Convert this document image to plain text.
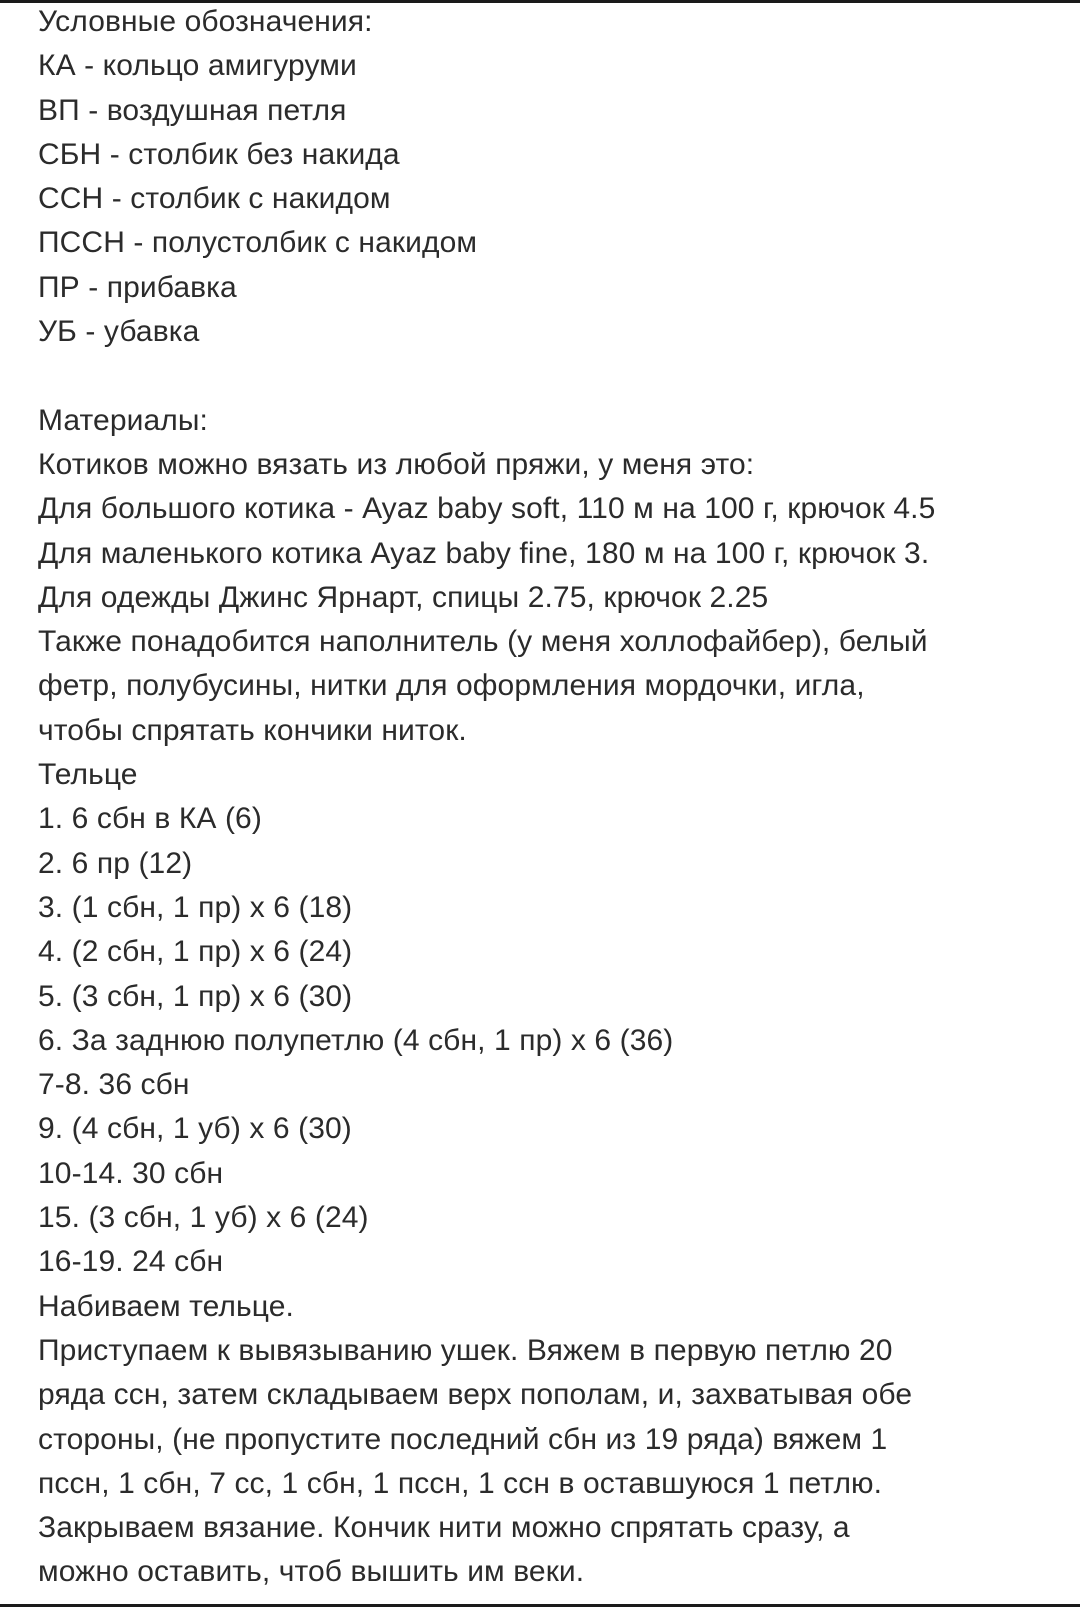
Условные обозначения:
КА - кольцо амигуруми
ВП - воздушная петля
СБН - столбик без накида
ССН - столбик с накидом
ПССН - полустолбик с накидом
ПР - прибавка
УБ - убавка
Материалы:
Котиков можно вязать из любой пряжи, у меня это:
Для большого котика - Ayaz baby soft, 110 м на 100 г, крючок 4.5
Для маленького котика Ayaz baby fine, 180 м на 100 г, крючок 3.
Для одежды Джинс Ярнарт, спицы 2.75, крючок 2.25
Также понадобится наполнитель (у меня холлофайбер), белый
фетр, полубусины, нитки для оформления мордочки, игла,
чтобы спрятать кончики ниток.
Тельце
1. 6 сбн в КА (6)
2. 6 пр (12)
3. (1 сбн, 1 пр) х 6 (18)
4. (2 сбн, 1 пр) х 6 (24)
5. (3 сбн, 1 пр) х 6 (30)
6. За заднюю полупетлю (4 сбн, 1 пр) х 6 (36)
7-8. 36 сбн
9. (4 сбн, 1 уб) х 6 (30)
10-14. 30 сбн
15. (3 сбн, 1 уб) х 6 (24)
16-19. 24 сбн
Набиваем тельце.
Приступаем к вывязыванию ушек. Вяжем в первую петлю 20
ряда ссн, затем складываем верх пополам, и, захватывая обе
стороны, (не пропустите последний сбн из 19 ряда) вяжем 1
пссн, 1 сбн, 7 сс, 1 сбн, 1 пссн, 1 ссн в оставшуюся 1 петлю.
Закрываем вязание. Кончик нити можно спрятать сразу, а
можно оставить, чтоб вышить им веки.
